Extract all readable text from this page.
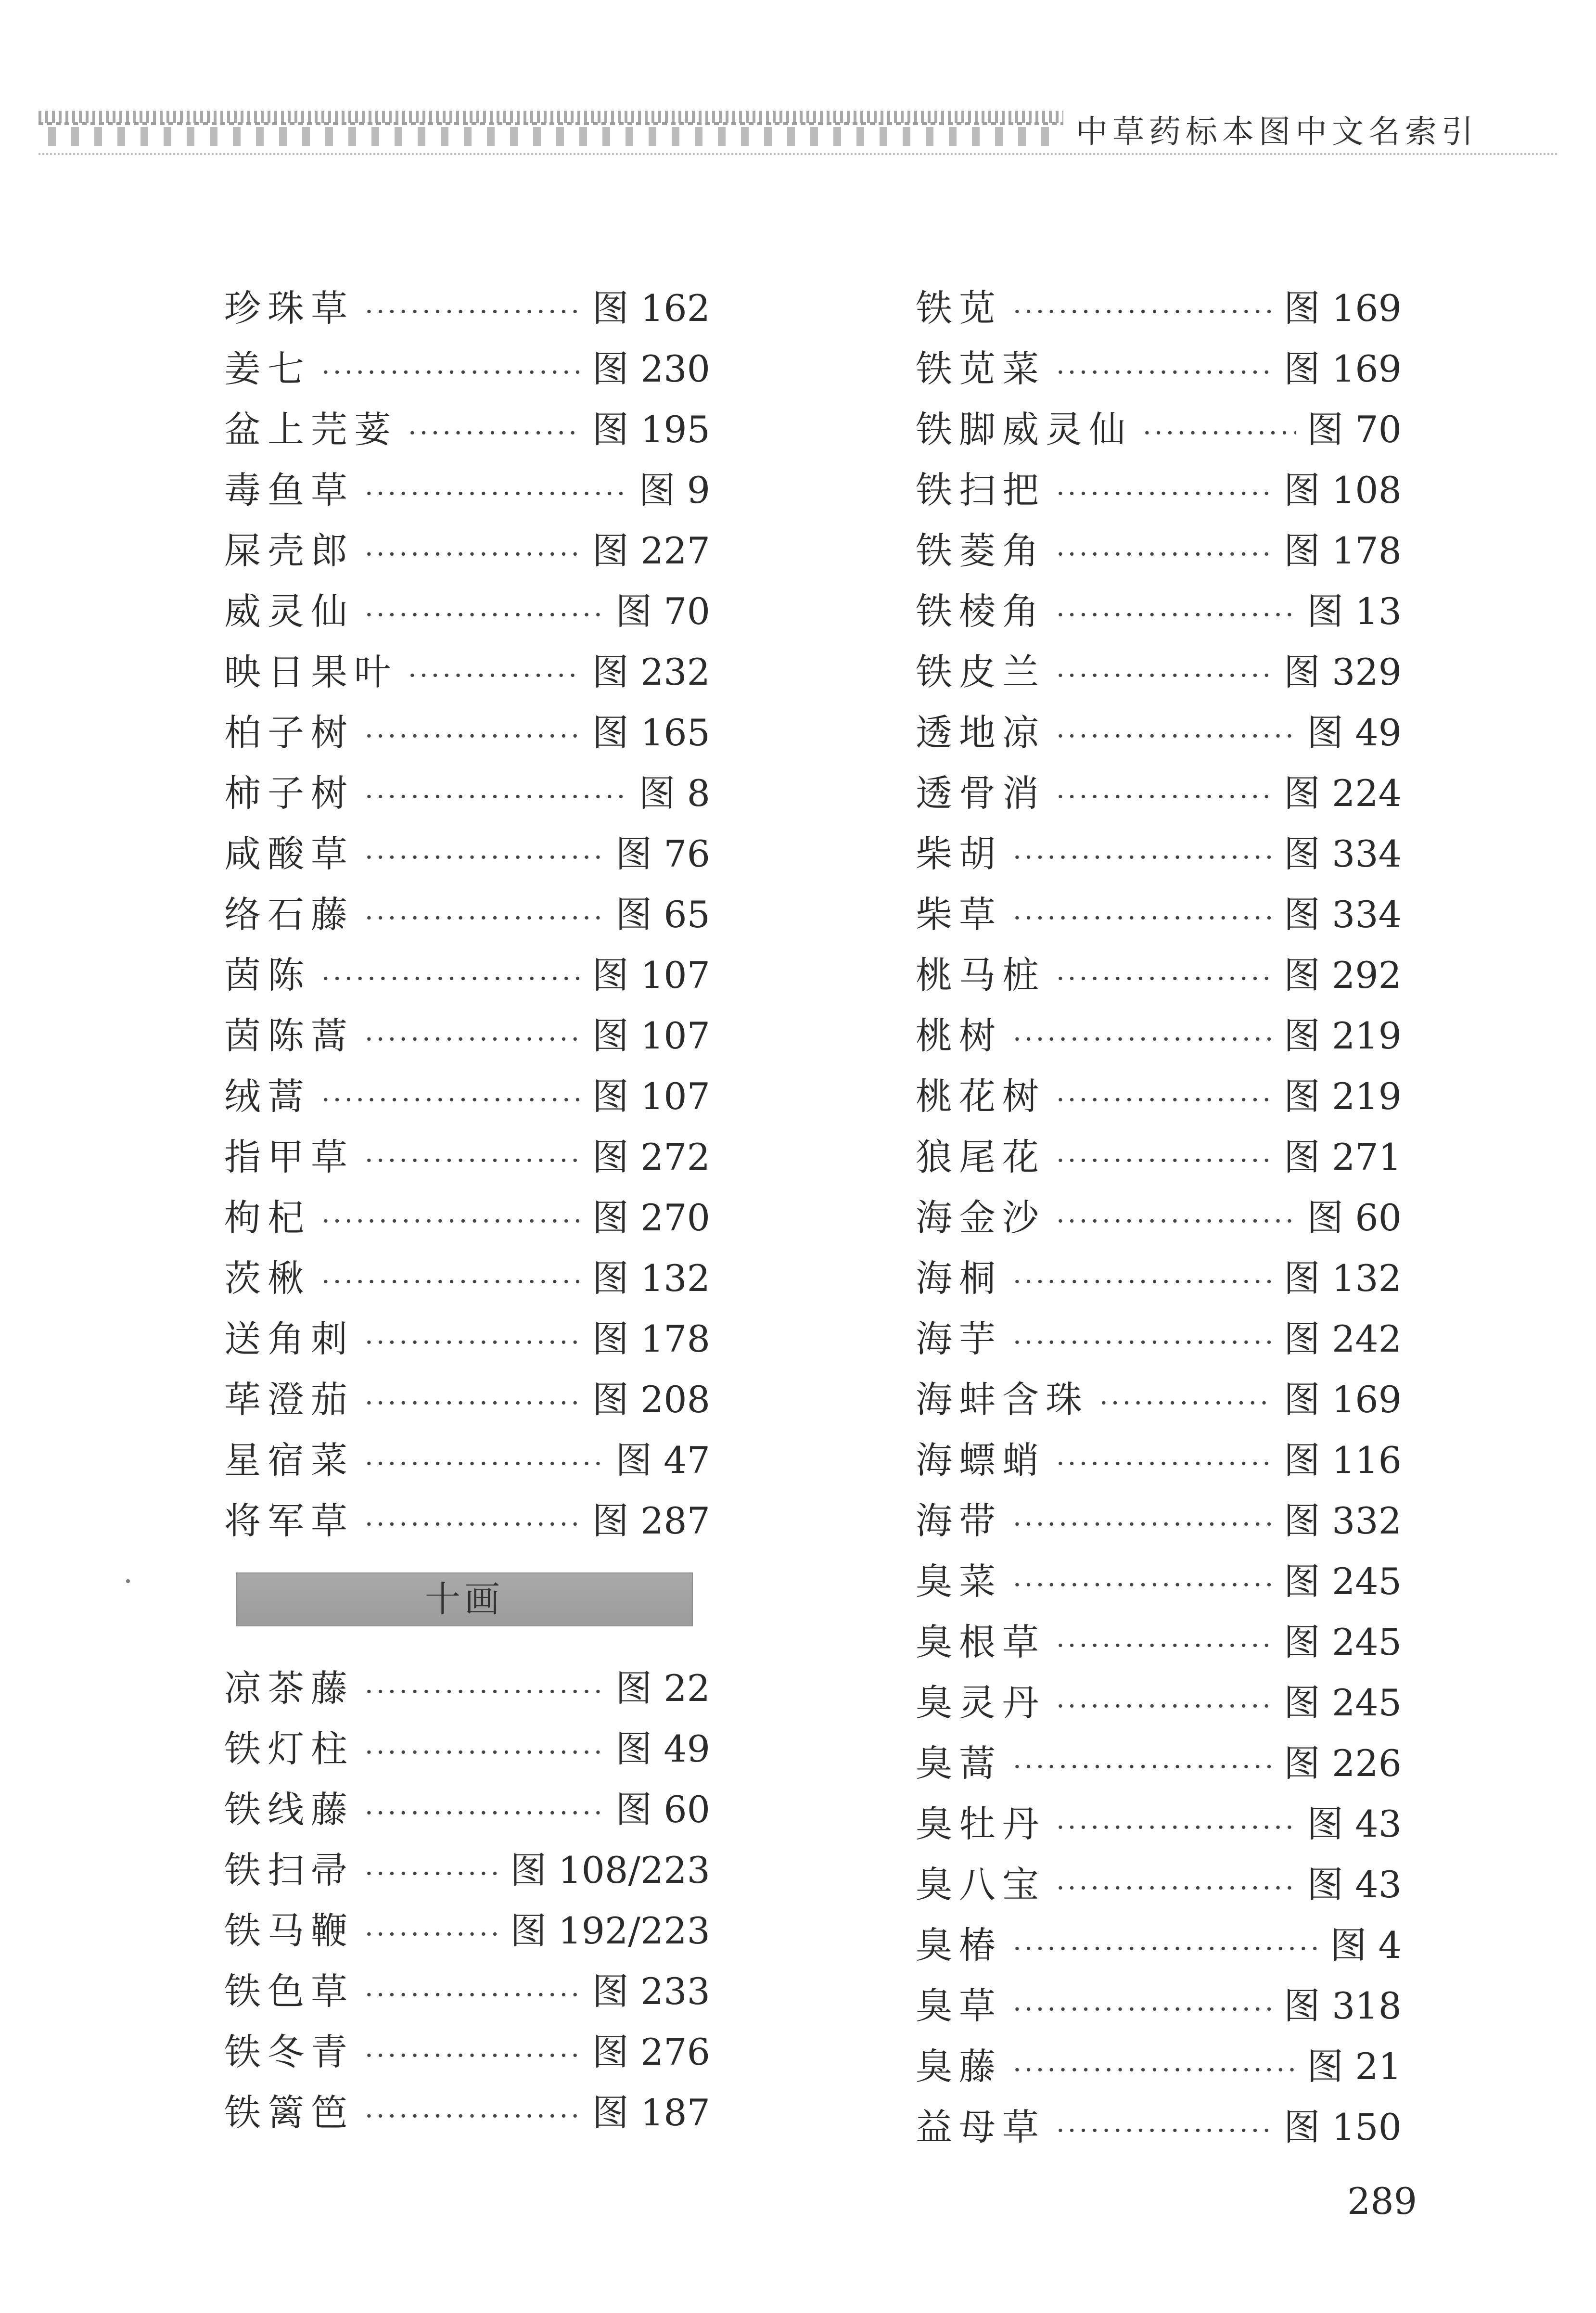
中草药标本图中文名索引
珍珠草 ·····	图 162
姜七 ·····	图 230
盆上芫荽 ·····	图 195
毒鱼草 ·····	图 9
屎壳郎 ·····	图 227
威灵仙 ·····	图 70
映日果叶 ·····	图 232
柏子树 ·····	图 165
柿子树 ·····	图 8
咸酸草 ·····	图 76
络石藤 ·····	图 65
茵陈 ·····	图 107
茵陈蒿 ·····	图 107
绒蒿 ·····	图 107
指甲草 ·····	图 272
枸杞 ·····	图 270
茨楸 ·····	图 132
送角刺 ·····	图 178
荜澄茄 ·····	图 208
星宿菜 ·····	图 47
将军草 ·····	图 287
十画
凉茶藤 ·····	图 22
铁灯柱 ·····	图 49
铁线藤 ·····	图 60
铁扫帚 ·····	图 108/223
铁马鞭 ·····	图 192/223
铁色草 ·····	图 233
铁冬青 ·····	图 276
铁篱笆 ·····	图 187
铁苋 ·····	图 169
铁苋菜 ·····	图 169
铁脚威灵仙 ·····	图 70
铁扫把 ·····	图 108
铁菱角 ·····	图 178
铁棱角 ·····	图 13
铁皮兰 ·····	图 329
透地凉 ·····	图 49
透骨消 ·····	图 224
柴胡 ·····	图 334
柴草 ·····	图 334
桃马桩 ·····	图 292
桃树 ·····	图 219
桃花树 ·····	图 219
狼尾花 ·····	图 271
海金沙 ·····	图 60
海桐 ·····	图 132
海芋 ·····	图 242
海蚌含珠 ·····	图 169
海螵蛸 ·····	图 116
海带 ·····	图 332
臭菜 ·····	图 245
臭根草 ·····	图 245
臭灵丹 ·····	图 245
臭蒿 ·····	图 226
臭牡丹 ·····	图 43
臭八宝 ·····	图 43
臭椿 ·····	图 4
臭草 ·····	图 318
臭藤 ·····	图 21
益母草 ·····	图 150
289
